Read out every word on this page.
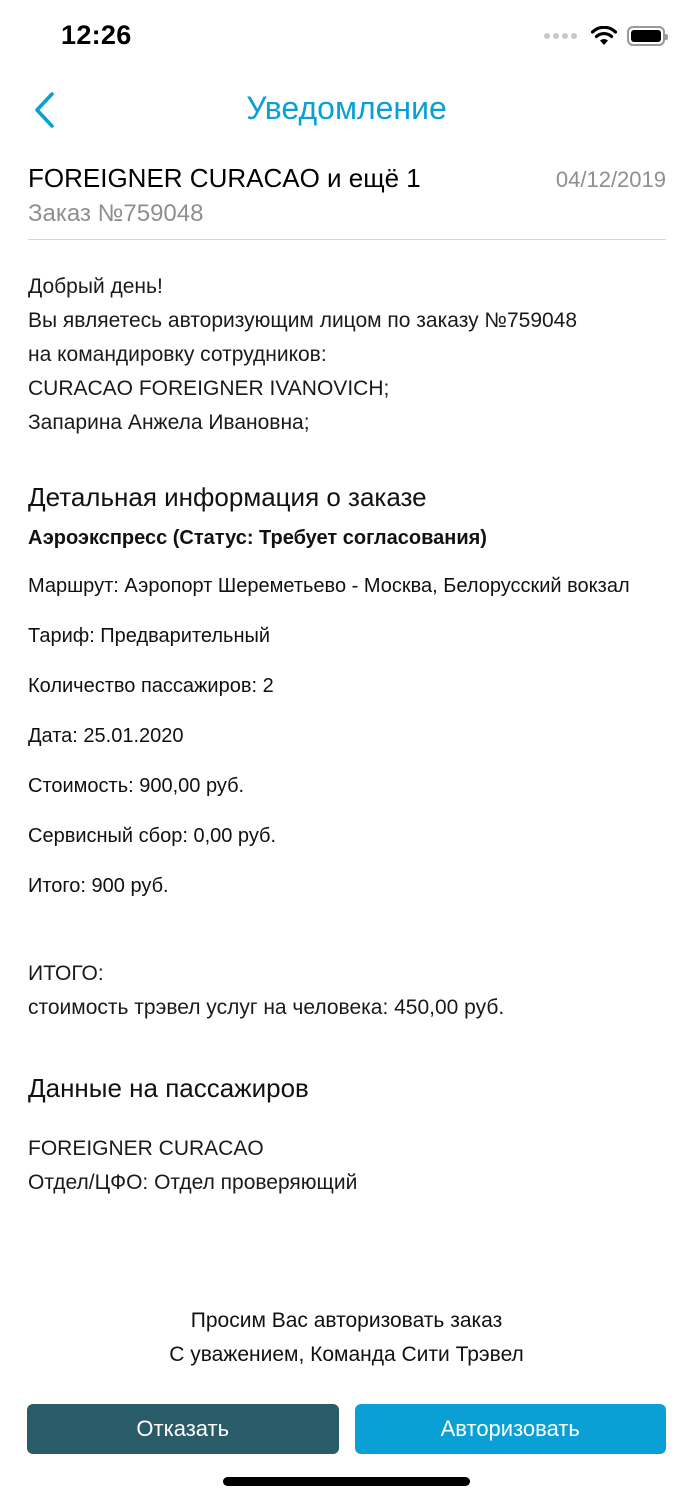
12:26
Уведомление
FOREIGNER CURACAO и ещё 1	04/12/2019
Заказ №759048

Добрый день!

Вы являетесь авторизующим лицом по заказу №759048

на командировку сотрудников:

CURACAO FOREIGNER IVANOVICH;

Запарина Анжела Ивановна;

Детальная информация о заказе
Аэроэкспресс (Статус: Требует согласования)
Маршрут: Аэропорт Шереметьево - Москва, Белорусский вокзал
Тариф: Предварительный
Количество пассажиров: 2
Дата: 25.01.2020
Стоимость: 900,00 руб.
Сервисный сбор: 0,00 руб.
Итого: 900 руб.

ИТОГО:

стоимость трэвел услуг на человека: 450,00 руб.

Данные на пассажиров

FOREIGNER CURACAO

Отдел/ЦФО: Отдел проверяющий

Просим Вас авторизовать заказ

С уважением, Команда Сити Трэвел

Отказать	Авторизовать
